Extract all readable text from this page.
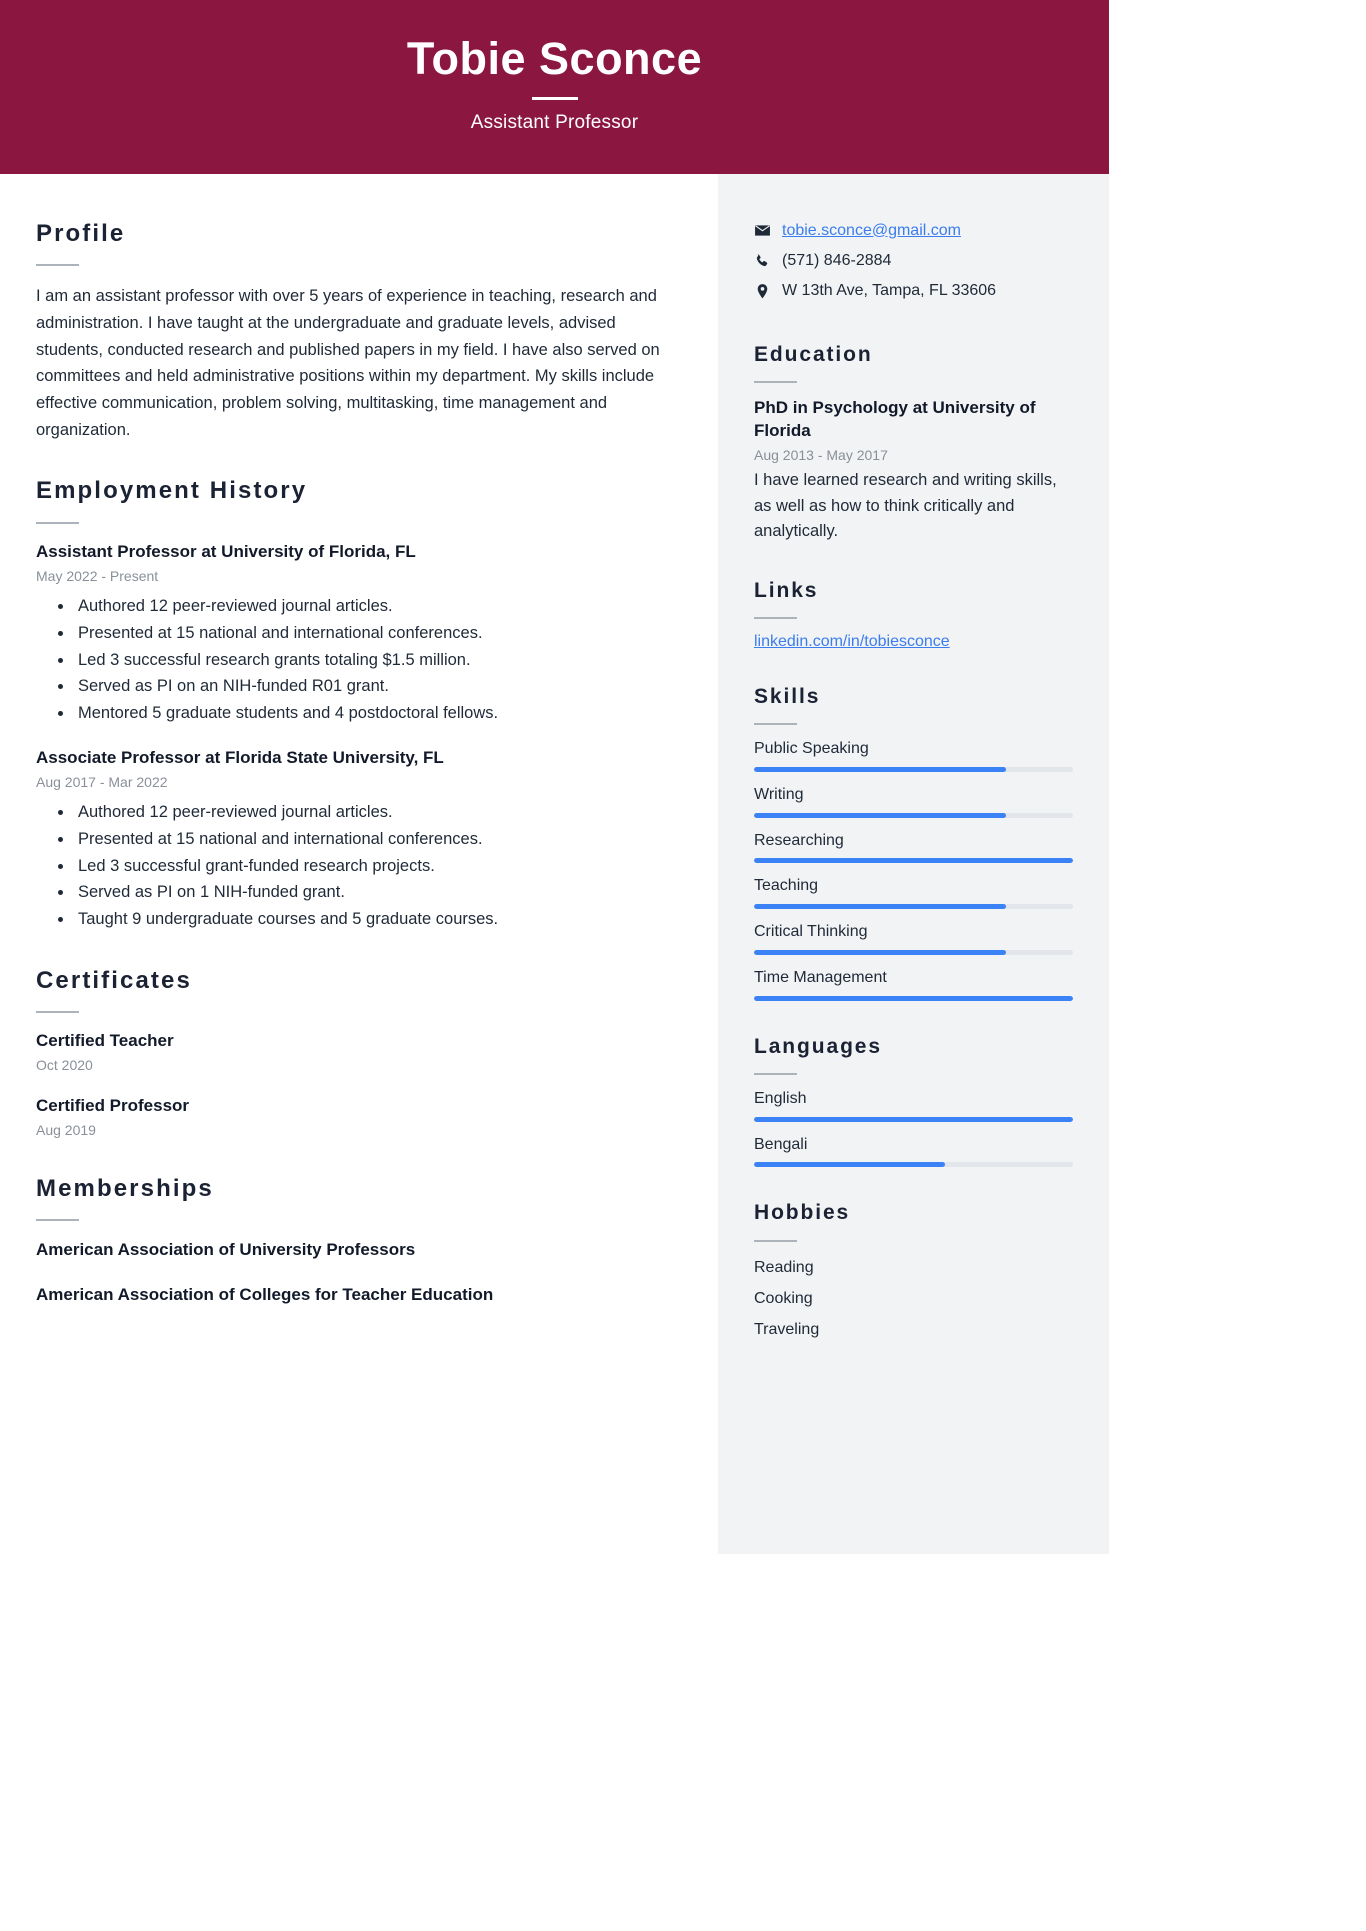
Tobie Sconce
Assistant Professor
Profile
I am an assistant professor with over 5 years of experience in teaching, research and administration. I have taught at the undergraduate and graduate levels, advised students, conducted research and published papers in my field. I have also served on committees and held administrative positions within my department. My skills include effective communication, problem solving, multitasking, time management and organization.
Employment History
Assistant Professor at University of Florida, FL
May 2022 - Present
• Authored 12 peer-reviewed journal articles.
• Presented at 15 national and international conferences.
• Led 3 successful research grants totaling $1.5 million.
• Served as PI on an NIH-funded R01 grant.
• Mentored 5 graduate students and 4 postdoctoral fellows.
Associate Professor at Florida State University, FL
Aug 2017 - Mar 2022
• Authored 12 peer-reviewed journal articles.
• Presented at 15 national and international conferences.
• Led 3 successful grant-funded research projects.
• Served as PI on 1 NIH-funded grant.
• Taught 9 undergraduate courses and 5 graduate courses.
Certificates
Certified Teacher
Oct 2020
Certified Professor
Aug 2019
Memberships
American Association of University Professors
American Association of Colleges for Teacher Education
tobie.sconce@gmail.com
(571) 846-2884
W 13th Ave, Tampa, FL 33606
Education
PhD in Psychology at University of Florida
Aug 2013 - May 2017
I have learned research and writing skills, as well as how to think critically and analytically.
Links
linkedin.com/in/tobiesconce
Skills
Public Speaking
Writing
Researching
Teaching
Critical Thinking
Time Management
Languages
English
Bengali
Hobbies
Reading
Cooking
Traveling
